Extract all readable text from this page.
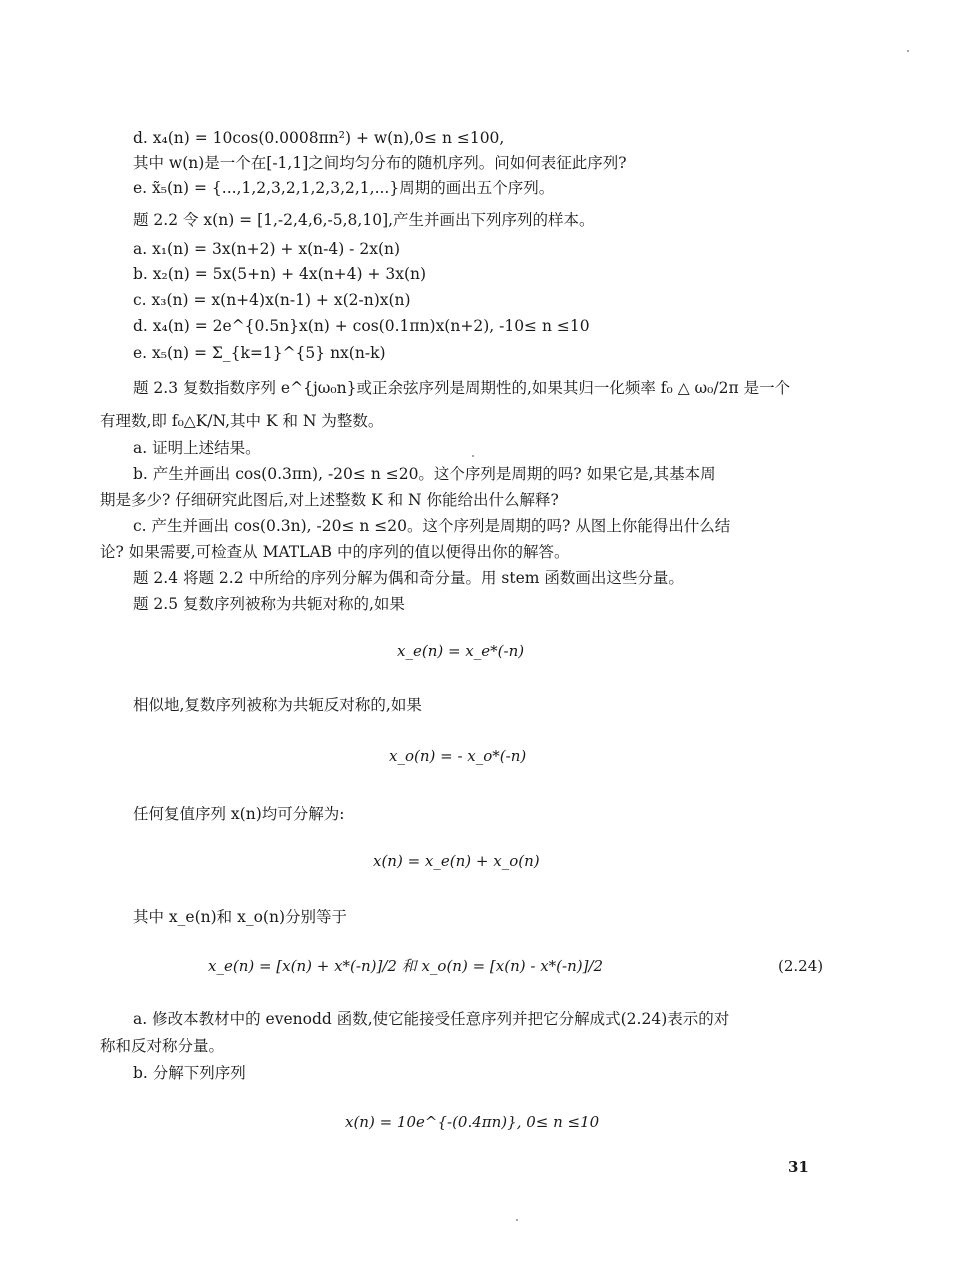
d. x₄(n) = 10cos(0.0008πn²) + w(n),0≤ n ≤100,
其中 w(n)是一个在[-1,1]之间均匀分布的随机序列。问如何表征此序列?
e. x̃₅(n) = {...,1,2,3,2,1,2,3,2,1,...}周期的画出五个序列。
题 2.2 令 x(n) = [1,-2,4,6,-5,8,10],产生并画出下列序列的样本。
a. x₁(n) = 3x(n+2) + x(n-4) - 2x(n)
b. x₂(n) = 5x(5+n) + 4x(n+4) + 3x(n)
c. x₃(n) = x(n+4)x(n-1) + x(2-n)x(n)
d. x₄(n) = 2e^{0.5n}x(n) + cos(0.1πn)x(n+2), -10≤ n ≤10
e. x₅(n) = Σ_{k=1}^{5} nx(n-k)
题 2.3 复数指数序列 e^{jω₀n}或正余弦序列是周期性的,如果其归一化频率 f₀ △ ω₀/2π 是一个
有理数,即 f₀△K/N,其中 K 和 N 为整数。
a. 证明上述结果。
b. 产生并画出 cos(0.3πn), -20≤ n ≤20。这个序列是周期的吗? 如果它是,其基本周
期是多少? 仔细研究此图后,对上述整数 K 和 N 你能给出什么解释?
c. 产生并画出 cos(0.3n), -20≤ n ≤20。这个序列是周期的吗? 从图上你能得出什么结
论? 如果需要,可检查从 MATLAB 中的序列的值以便得出你的解答。
题 2.4 将题 2.2 中所给的序列分解为偶和奇分量。用 stem 函数画出这些分量。
题 2.5 复数序列被称为共轭对称的,如果
x_e(n) = x_e*(-n)
相似地,复数序列被称为共轭反对称的,如果
x_o(n) = - x_o*(-n)
任何复值序列 x(n)均可分解为:
x(n) = x_e(n) + x_o(n)
其中 x_e(n)和 x_o(n)分别等于
x_e(n) = [x(n) + x*(-n)]/2 和 x_o(n) = [x(n) - x*(-n)]/2	(2.24)
a. 修改本教材中的 evenodd 函数,使它能接受任意序列并把它分解成式(2.24)表示的对
称和反对称分量。
b. 分解下列序列
x(n) = 10e^{-(0.4πn)}, 0≤ n ≤10
31
